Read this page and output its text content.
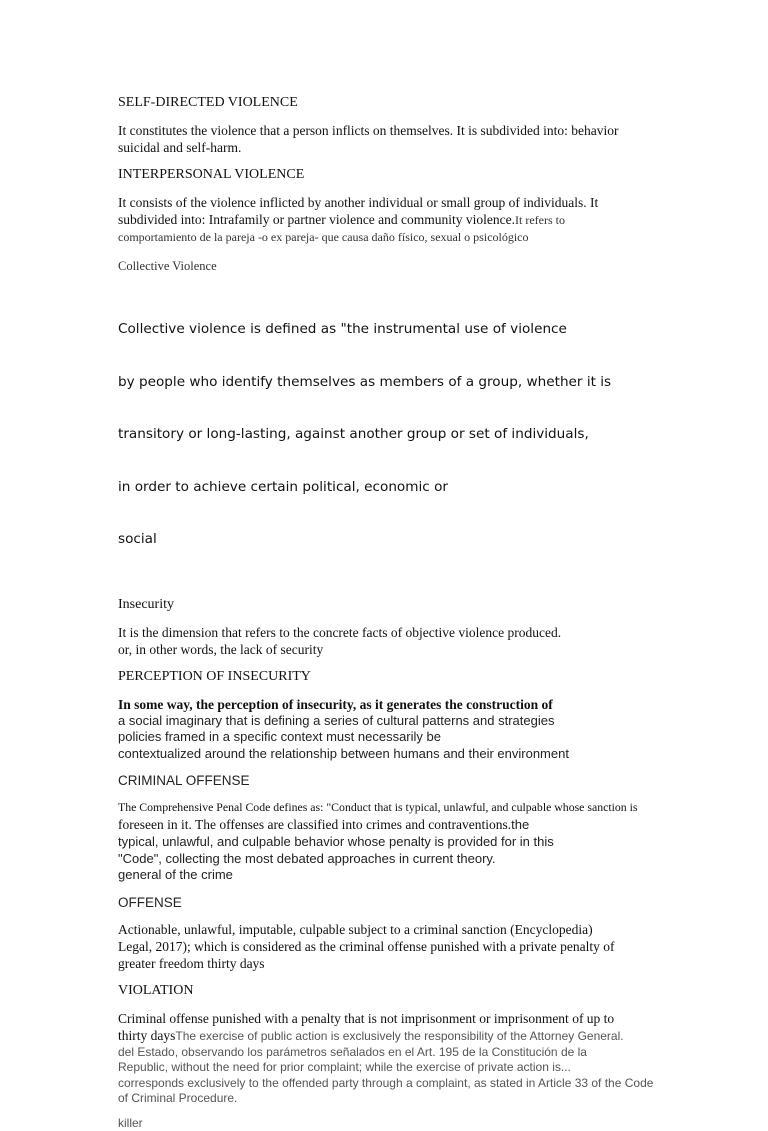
SELF-DIRECTED VIOLENCE

It constitutes the violence that a person inflicts on themselves. It is subdivided into: behavior
suicidal and self-harm.

INTERPERSONAL VIOLENCE

It consists of the violence inflicted by another individual or small group of individuals. It
subdivided into: Intrafamily or partner violence and community violence.It refers to
comportamiento de la pareja -o ex pareja- que causa daño físico, sexual o psicológico

Collective Violence

Collective violence is defined as "the instrumental use of violence

by people who identify themselves as members of a group, whether it is

transitory or long-lasting, against another group or set of individuals,

in order to achieve certain political, economic or

social

Insecurity

It is the dimension that refers to the concrete facts of objective violence produced.
or, in other words, the lack of security

PERCEPTION OF INSECURITY

In some way, the perception of insecurity, as it generates the construction of
a social imaginary that is defining a series of cultural patterns and strategies
policies framed in a specific context must necessarily be
contextualized around the relationship between humans and their environment

CRIMINAL OFFENSE

The Comprehensive Penal Code defines as: "Conduct that is typical, unlawful, and culpable whose sanction is
foreseen in it. The offenses are classified into crimes and contraventions.the
typical, unlawful, and culpable behavior whose penalty is provided for in this
"Code", collecting the most debated approaches in current theory.
general of the crime

OFFENSE

Actionable, unlawful, imputable, culpable subject to a criminal sanction (Encyclopedia)
Legal, 2017); which is considered as the criminal offense punished with a private penalty of
greater freedom thirty days

VIOLATION

Criminal offense punished with a penalty that is not imprisonment or imprisonment of up to
thirty daysThe exercise of public action is exclusively the responsibility of the Attorney General.
del Estado, observando los parámetros señalados en el Art. 195 de la Constitución de la
Republic, without the need for prior complaint; while the exercise of private action is...
corresponds exclusively to the offended party through a complaint, as stated in Article 33 of the Code
of Criminal Procedure.

killer
